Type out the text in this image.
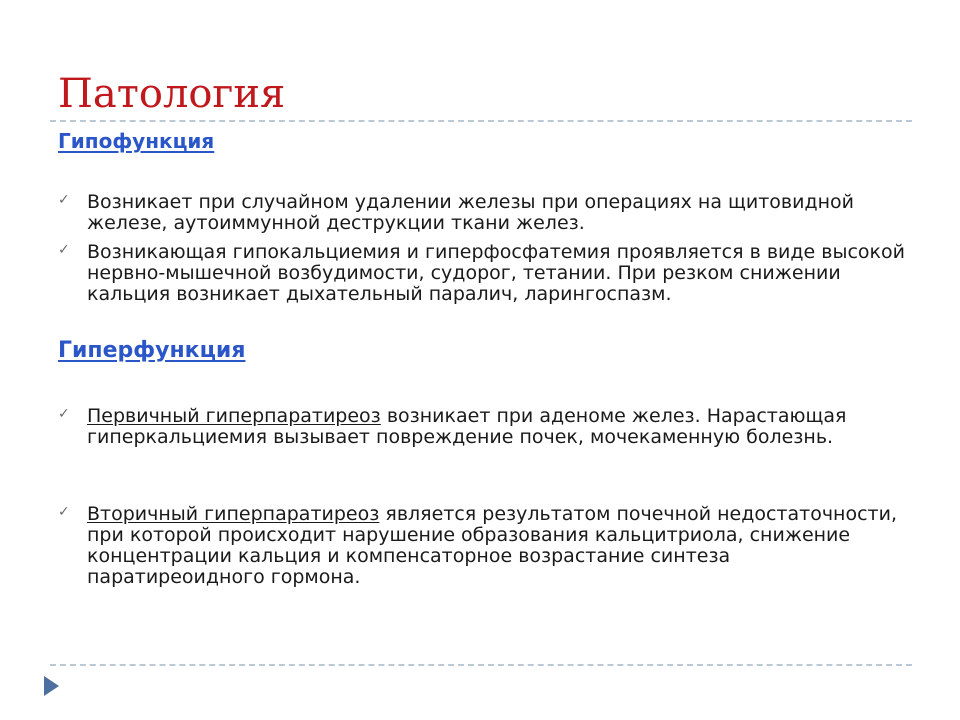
Патология
Гипофункция
✓ Возникает при случайном удалении железы при операциях на щитовидной железе, аутоиммунной деструкции ткани желез.
✓ Возникающая гипокальциемия и гиперфосфатемия проявляется в виде высокой нервно-мышечной возбудимости, судорог, тетании. При резком снижении кальция возникает дыхательный паралич, ларингоспазм.
Гиперфункция
✓ Первичный гиперпаратиреоз возникает при аденоме желез. Нарастающая гиперкальциемия вызывает повреждение почек, мочекаменную болезнь.
✓ Вторичный гиперпаратиреоз является результатом почечной недостаточности, при которой происходит нарушение образования кальцитриола, снижение концентрации кальция и компенсаторное возрастание синтеза паратиреоидного гормона.
